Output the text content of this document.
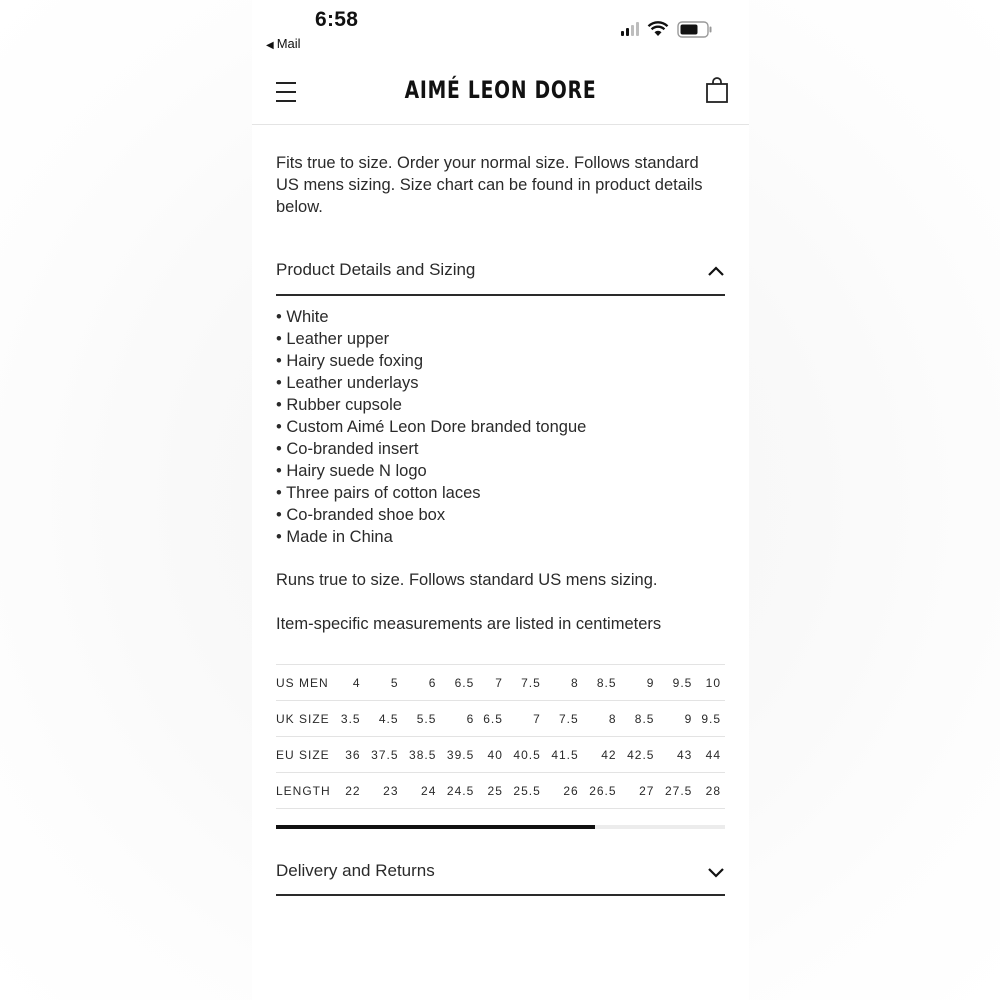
6:58
◀ Mail
AIMÉ LEON DORE
Fits true to size. Order your normal size. Follows standard US mens sizing. Size chart can be found in product details below.
Product Details and Sizing
• White
• Leather upper
• Hairy suede foxing
• Leather underlays
• Rubber cupsole
• Custom Aimé Leon Dore branded tongue
• Co-branded insert
• Hairy suede N logo
• Three pairs of cotton laces
• Co-branded shoe box
• Made in China
Runs true to size. Follows standard US mens sizing.
Item-specific measurements are listed in centimeters
US MEN	4	5	6	6.5	7	7.5	8	8.5	9	9.5	10
UK SIZE	3.5	4.5	5.5	6	6.5	7	7.5	8	8.5	9	9.5
EU SIZE	36	37.5	38.5	39.5	40	40.5	41.5	42	42.5	43	44
LENGTH	22	23	24	24.5	25	25.5	26	26.5	27	27.5	28
Delivery and Returns
